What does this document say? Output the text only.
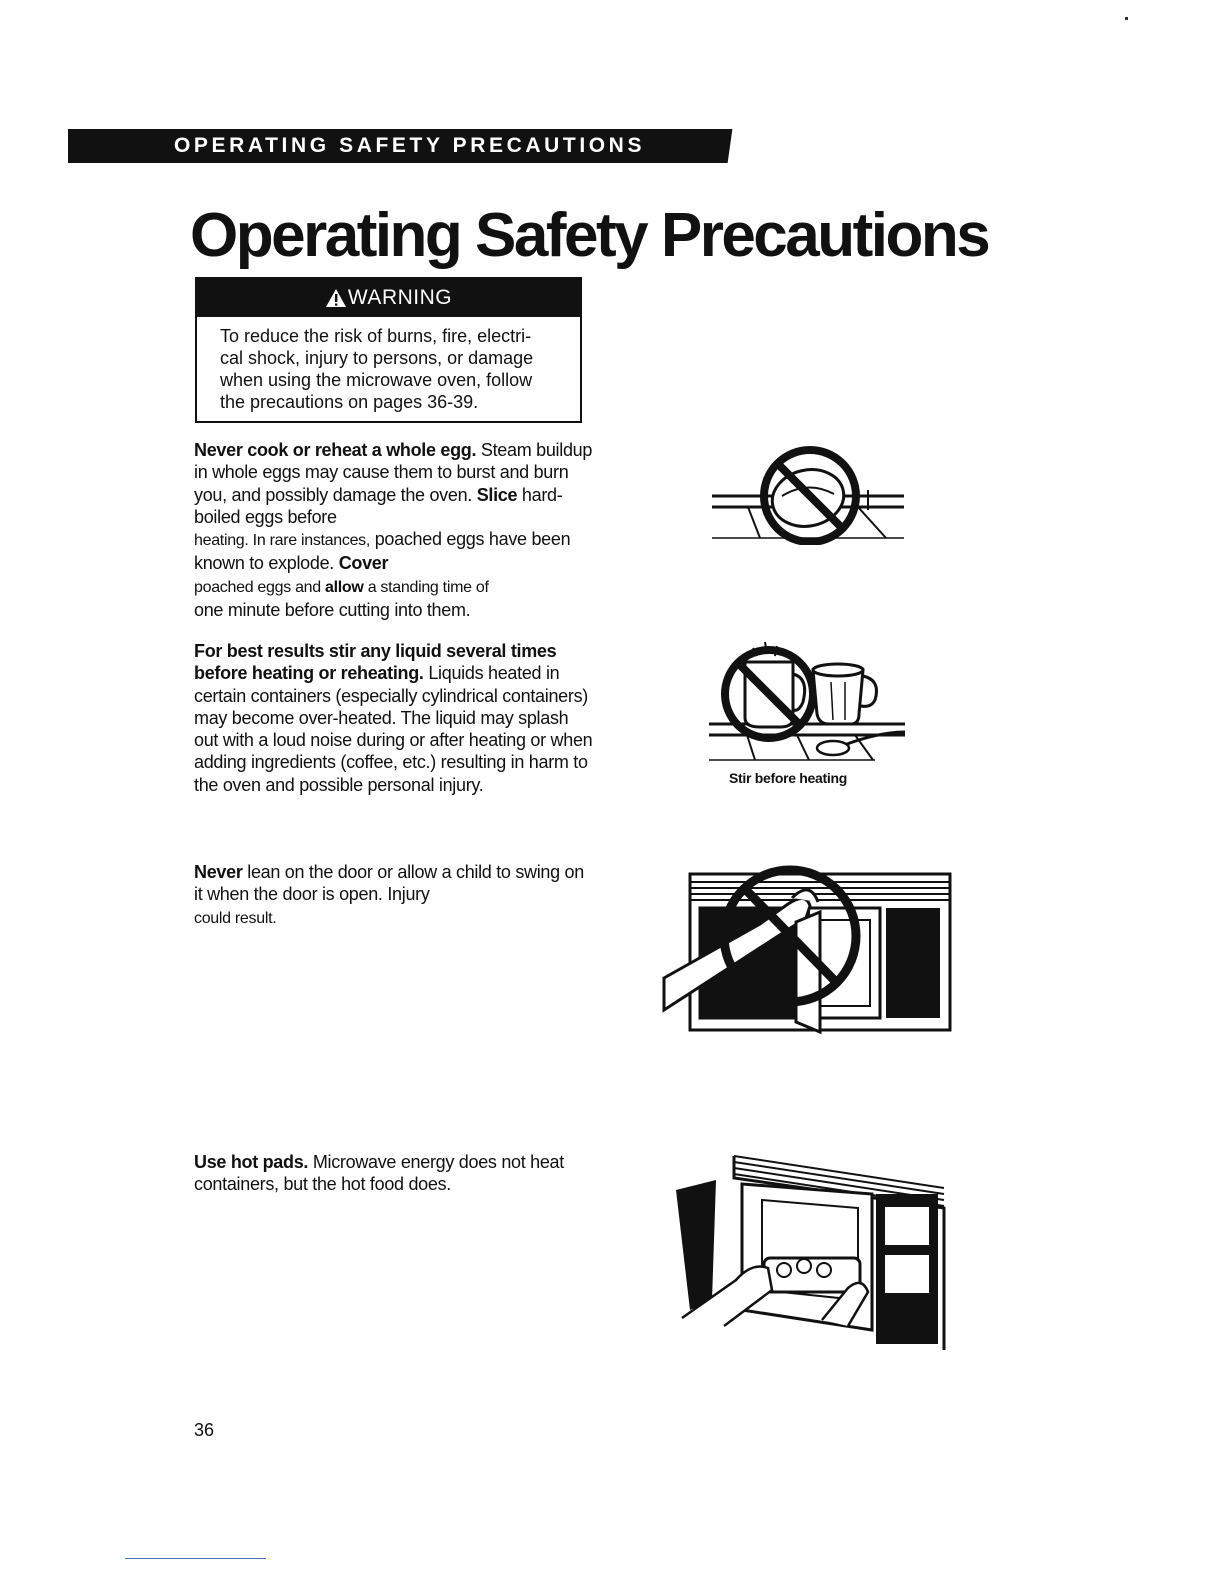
OPERATING SAFETY PRECAUTIONS
Operating Safety Precautions
WARNING

To reduce the risk of burns, fire, electri-
cal shock, injury to persons, or damage
when using the microwave oven, follow
the precautions on pages 36-39.

Never cook or reheat a whole egg. Steam buildup in whole eggs may cause them to burst and burn you, and possibly damage the oven. Slice hard-boiled eggs before
heating. In rare instances, poached eggs have been known to explode. Cover
poached eggs and allow a standing time of
one minute before cutting into them.

For best results stir any liquid several times before heating or reheating. Liquids heated in certain containers (especially cylindrical containers) may become over-heated. The liquid may splash out with a loud noise during or after heating or when adding ingredients (coffee, etc.) resulting in harm to the oven and possible personal injury.	Stir before heating

Never lean on the door or allow a child to swing on it when the door is open. Injury
could result.

Use hot pads. Microwave energy does not heat containers, but the hot food does.

36
